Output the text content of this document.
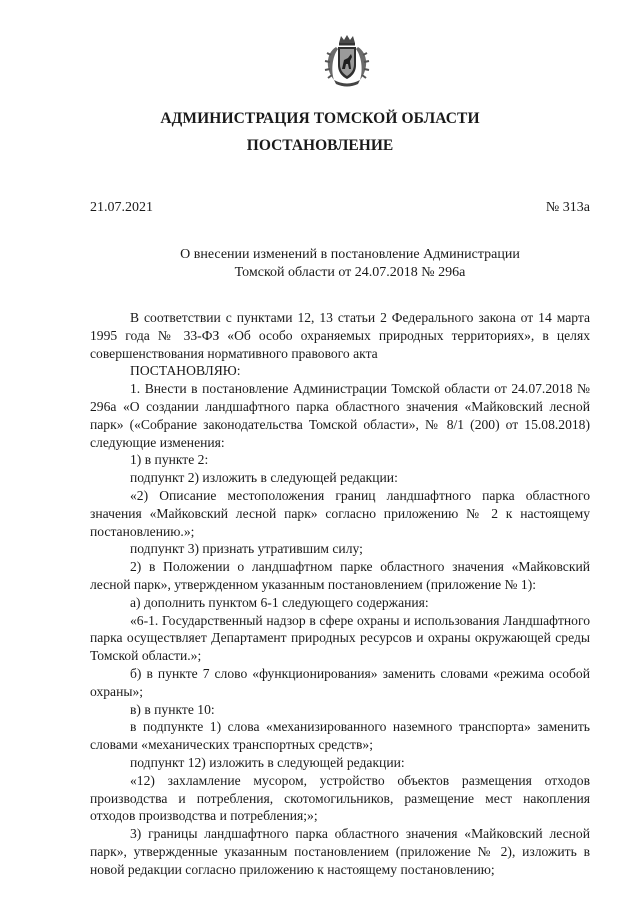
АДМИНИСТРАЦИЯ ТОМСКОЙ ОБЛАСТИ
ПОСТАНОВЛЕНИЕ
21.07.2021	№ 313а
О внесении изменений в постановление Администрации Томской области от 24.07.2018 № 296а

В соответствии с пунктами 12, 13 статьи 2 Федерального закона от 14 марта 1995 года № 33-ФЗ «Об особо охраняемых природных территориях», в целях совершенствования нормативного правового акта

ПОСТАНОВЛЯЮ:

1. Внести в постановление Администрации Томской области от 24.07.2018 № 296а «О создании ландшафтного парка областного значения «Майковский лесной парк» («Собрание законодательства Томской области», № 8/1 (200) от 15.08.2018) следующие изменения:

1) в пункте 2:

подпункт 2) изложить в следующей редакции:

«2) Описание местоположения границ ландшафтного парка областного значения «Майковский лесной парк» согласно приложению № 2 к настоящему постановлению.»;

подпункт 3) признать утратившим силу;

2) в Положении о ландшафтном парке областного значения «Майковский лесной парк», утвержденном указанным постановлением (приложение № 1):

а) дополнить пунктом 6-1 следующего содержания:

«6-1. Государственный надзор в сфере охраны и использования Ландшафтного парка осуществляет Департамент природных ресурсов и охраны окружающей среды Томской области.»;

б) в пункте 7 слово «функционирования» заменить словами «режима особой охраны»;

в) в пункте 10:

в подпункте 1) слова «механизированного наземного транспорта» заменить словами «механических транспортных средств»;

подпункт 12) изложить в следующей редакции:

«12) захламление мусором, устройство объектов размещения отходов производства и потребления, скотомогильников, размещение мест накопления отходов производства и потребления;»;

3) границы ландшафтного парка областного значения «Майковский лесной парк», утвержденные указанным постановлением (приложение № 2), изложить в новой редакции согласно приложению к настоящему постановлению;
